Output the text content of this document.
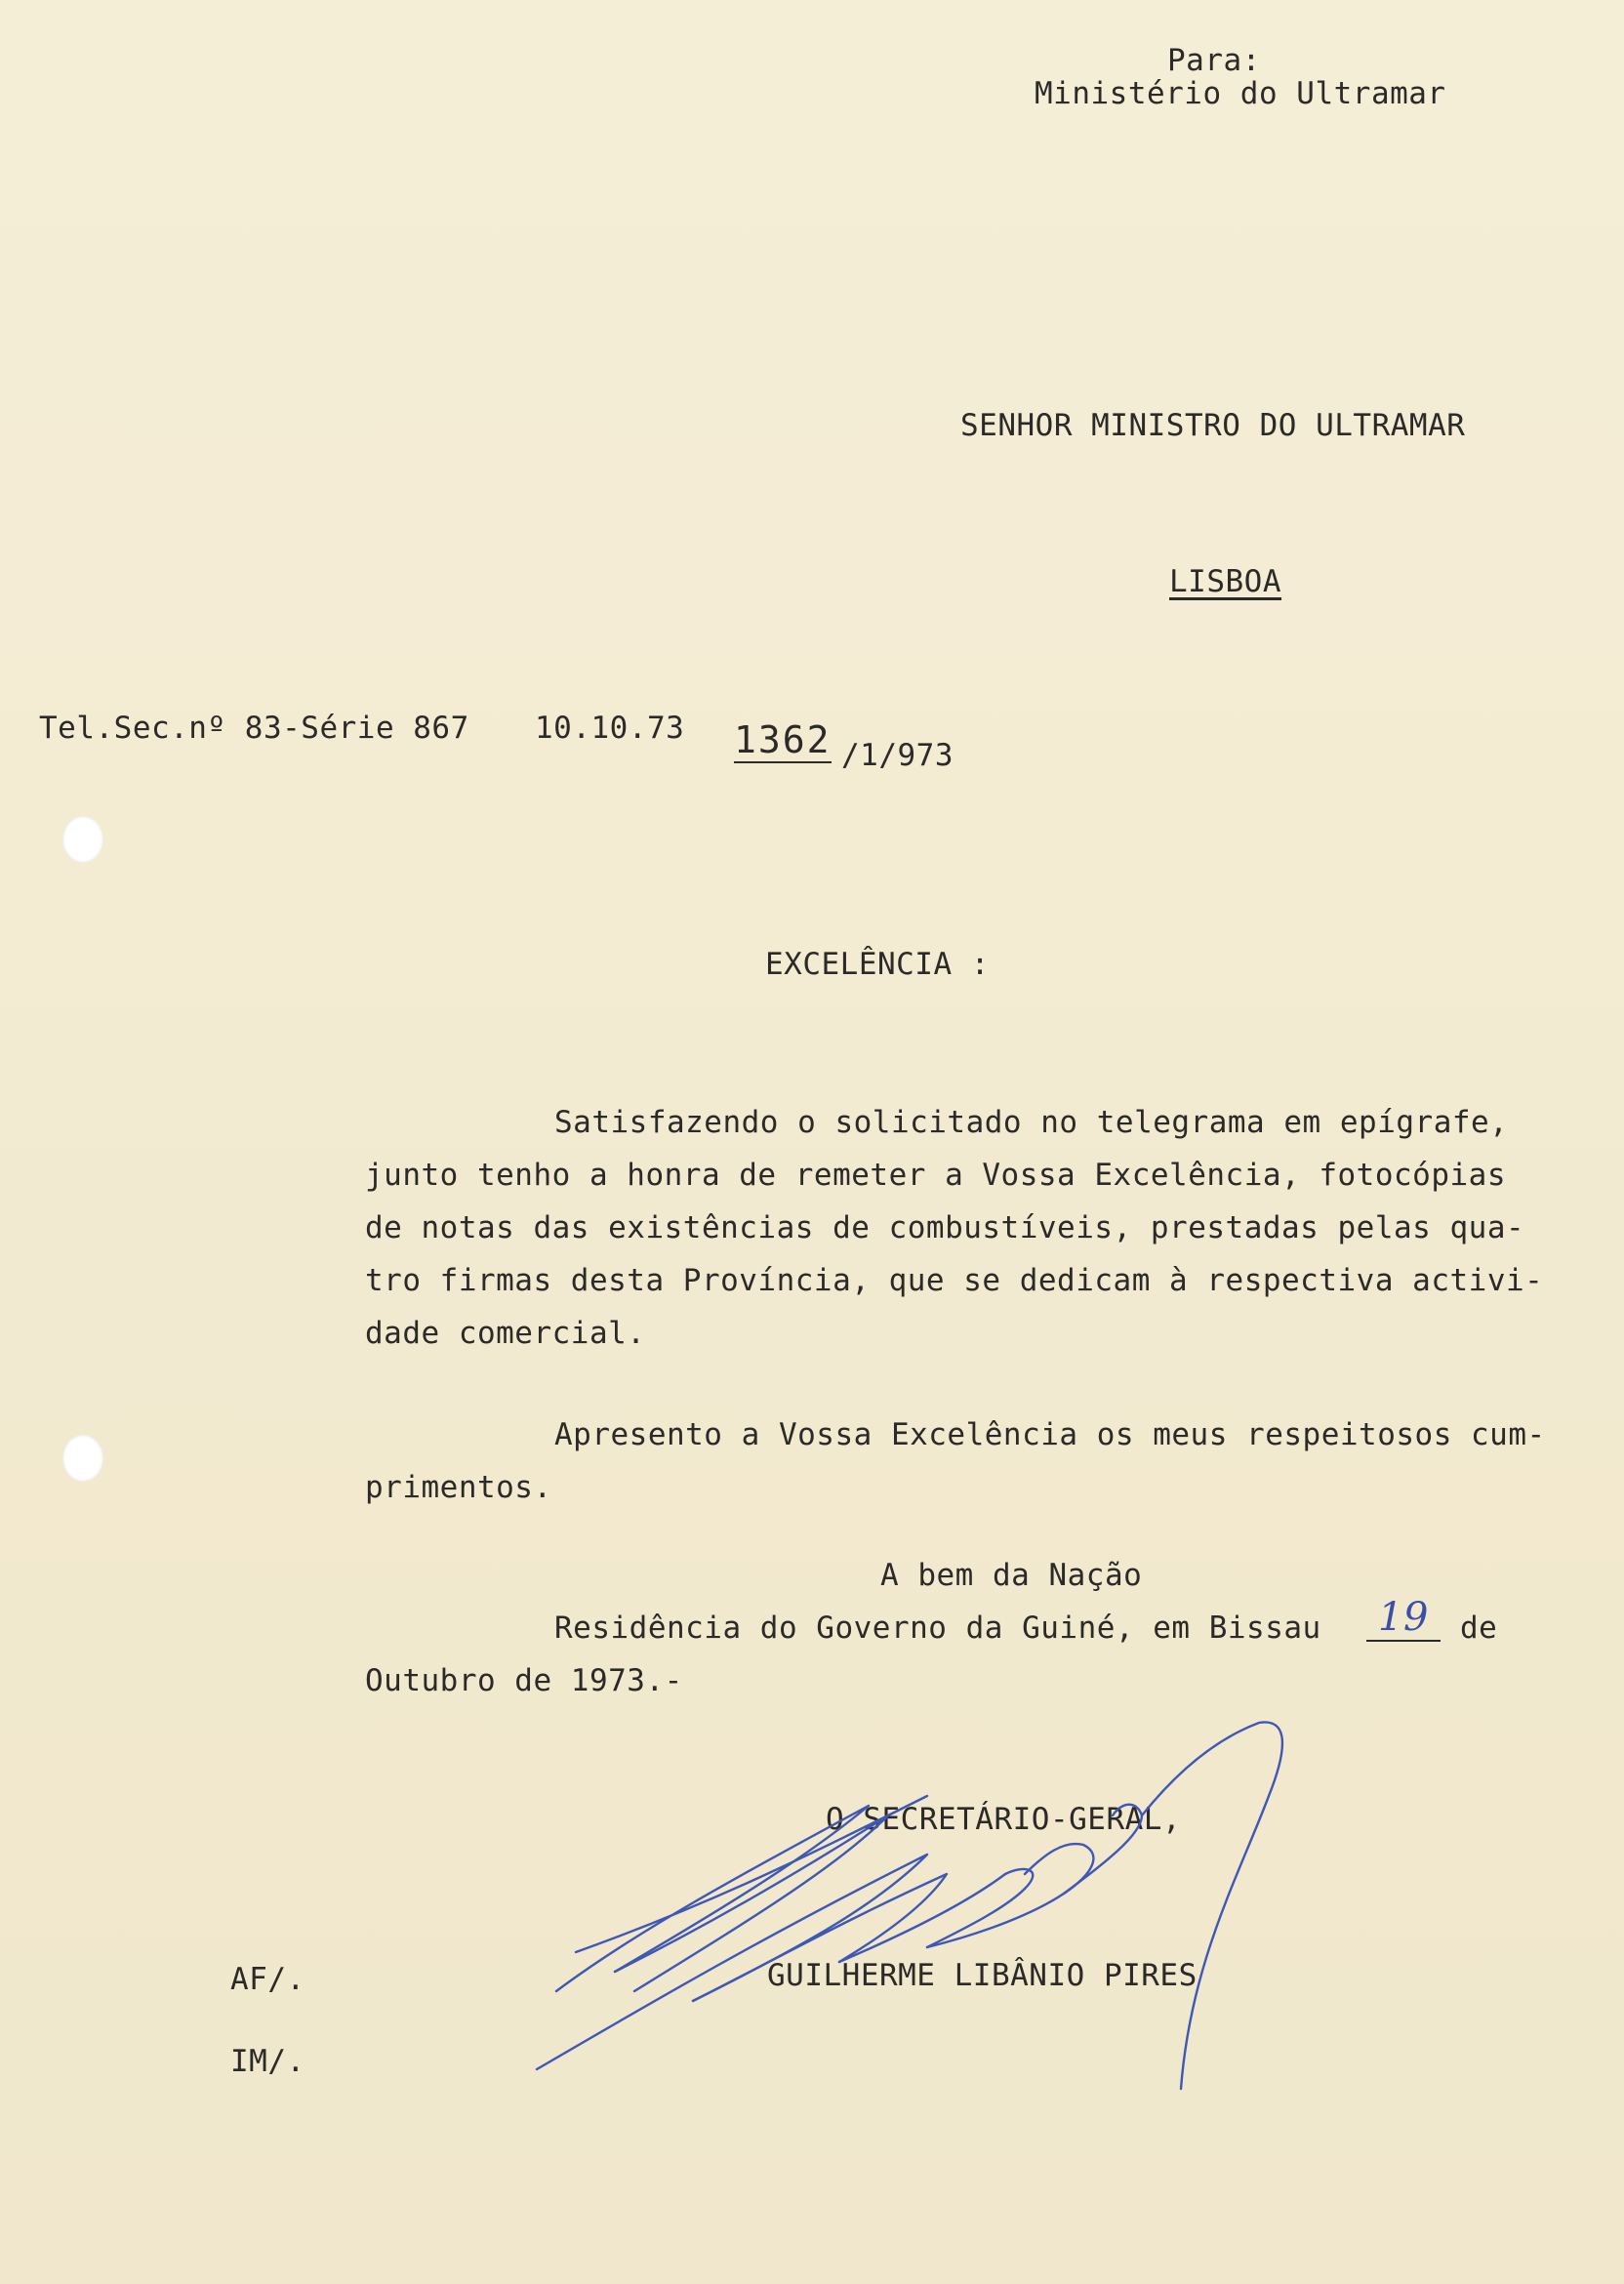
Para:
Ministério do Ultramar
SENHOR MINISTRO DO ULTRAMAR
LISBOA
Tel.Sec.nº 83-Série 867 10.10.73 1362 /1/973
EXCELÊNCIA :
Satisfazendo o solicitado no telegrama em epígrafe,
junto tenho a honra de remeter a Vossa Excelência, fotocópias
de notas das existências de combustíveis, prestadas pelas qua-
tro firmas desta Província, que se dedicam à respectiva activi-
dade comercial.
Apresento a Vossa Excelência os meus respeitosos cum-
primentos.
A bem da Nação
Residência do Governo da Guiné, em Bissau	19	de
Outubro de 1973.-
O SECRETÁRIO-GERAL,
GUILHERME LIBÂNIO PIRES
AF/.
IM/.
